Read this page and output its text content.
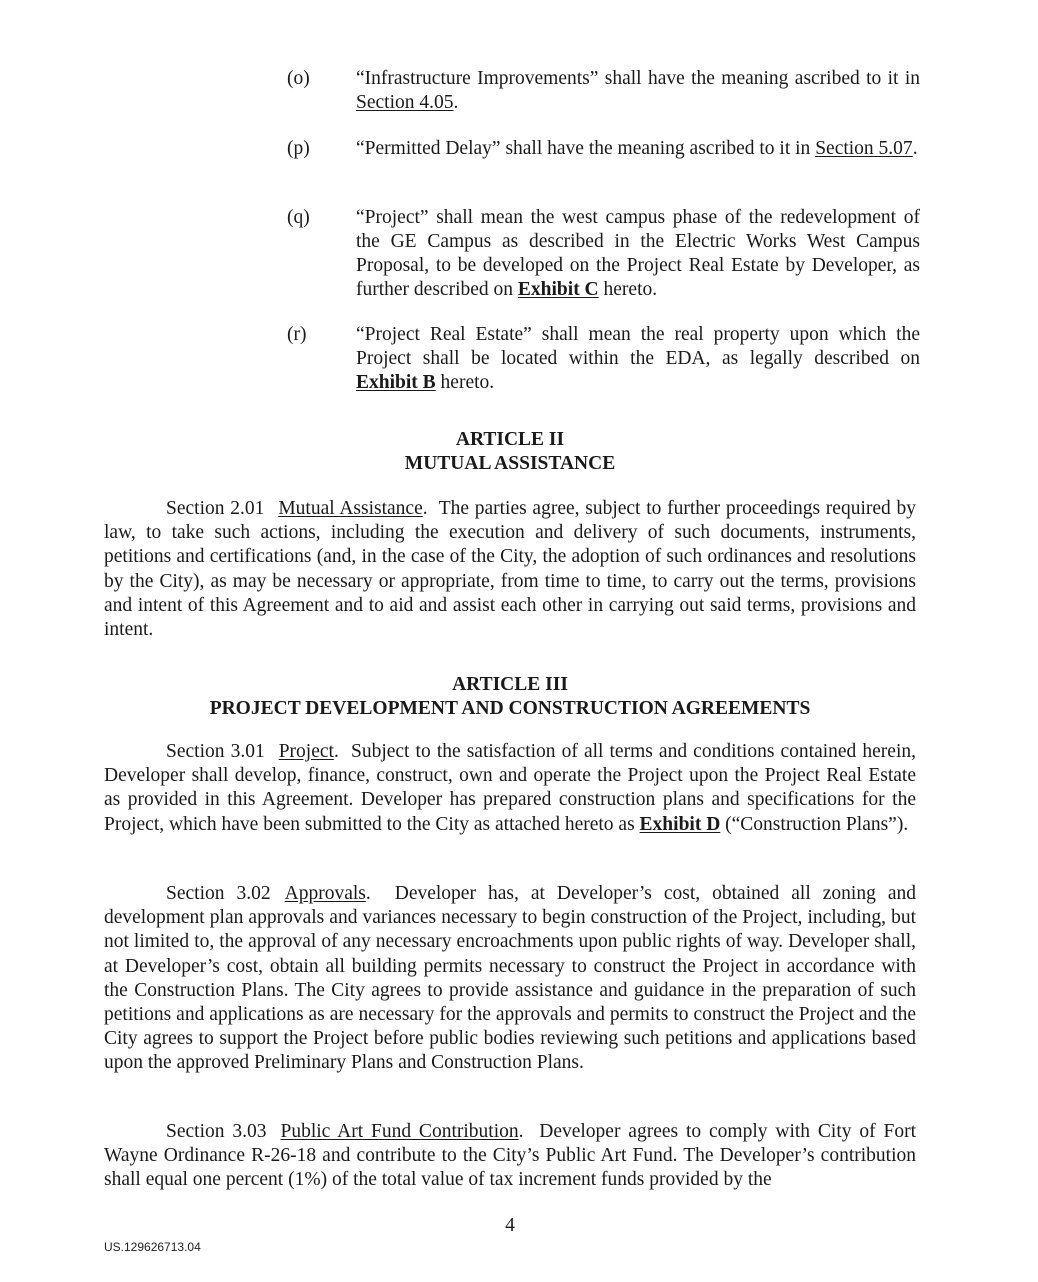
(o) “Infrastructure Improvements” shall have the meaning ascribed to it in Section 4.05.
(p) “Permitted Delay” shall have the meaning ascribed to it in Section 5.07.
(q) “Project” shall mean the west campus phase of the redevelopment of the GE Campus as described in the Electric Works West Campus Proposal, to be developed on the Project Real Estate by Developer, as further described on Exhibit C hereto.
(r)	“Project Real Estate” shall mean the real property upon which the Project shall be located within the EDA, as legally described on Exhibit B hereto.
ARTICLE II
MUTUAL ASSISTANCE
Section 2.01 Mutual Assistance.  The parties agree, subject to further proceedings required by law, to take such actions, including the execution and delivery of such documents, instruments, petitions and certifications (and, in the case of the City, the adoption of such ordinances and resolutions by the City), as may be necessary or appropriate, from time to time, to carry out the terms, provisions and intent of this Agreement and to aid and assist each other in carrying out said terms, provisions and intent.
ARTICLE III
PROJECT DEVELOPMENT AND CONSTRUCTION AGREEMENTS
Section 3.01 Project.  Subject to the satisfaction of all terms and conditions contained herein, Developer shall develop, finance, construct, own and operate the Project upon the Project Real Estate as provided in this Agreement. Developer has prepared construction plans and specifications for the Project, which have been submitted to the City as attached hereto as Exhibit D (“Construction Plans”).
Section 3.02 Approvals.  Developer has, at Developer’s cost, obtained all zoning and development plan approvals and variances necessary to begin construction of the Project, including, but not limited to, the approval of any necessary encroachments upon public rights of way. Developer shall, at Developer’s cost, obtain all building permits necessary to construct the Project in accordance with the Construction Plans. The City agrees to provide assistance and guidance in the preparation of such petitions and applications as are necessary for the approvals and permits to construct the Project and the City agrees to support the Project before public bodies reviewing such petitions and applications based upon the approved Preliminary Plans and Construction Plans.
Section 3.03 Public Art Fund Contribution.  Developer agrees to comply with City of Fort Wayne Ordinance R-26-18 and contribute to the City’s Public Art Fund. The Developer’s contribution shall equal one percent (1%) of the total value of tax increment funds provided by the
4
US.129626713.04
